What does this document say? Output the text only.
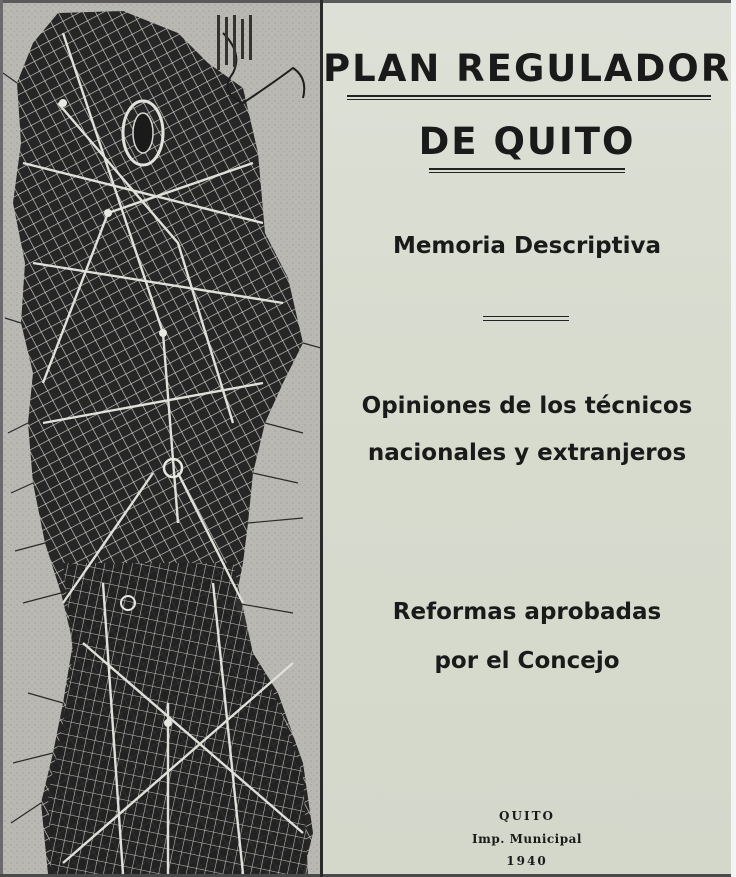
PLAN REGULADOR
DE QUITO
Memoria Descriptiva
Opiniones de los técnicos
nacionales y extranjeros
Reformas aprobadas
por el Concejo
QUITO
Imp. Municipal
1940
